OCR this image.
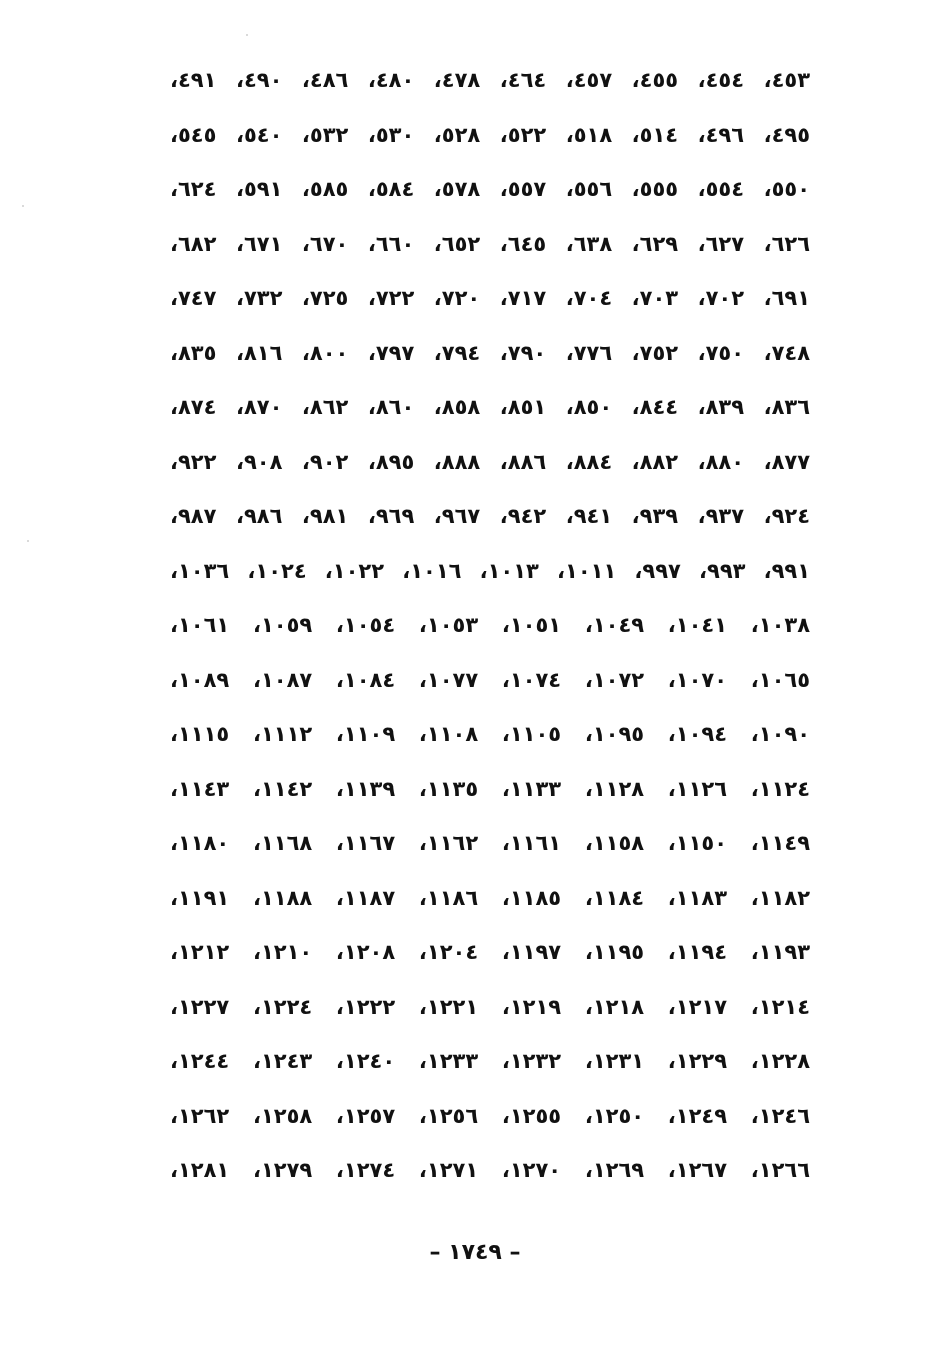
٤٥٣، ٤٥٤، ٤٥٥، ٤٥٧، ٤٦٤، ٤٧٨، ٤٨٠، ٤٨٦، ٤٩٠، ٤٩١،
٤٩٥، ٤٩٦، ٥١٤، ٥١٨، ٥٢٢، ٥٢٨، ٥٣٠، ٥٣٢، ٥٤٠، ٥٤٥،
٥٥٠، ٥٥٤، ٥٥٥، ٥٥٦، ٥٥٧، ٥٧٨، ٥٨٤، ٥٨٥، ٥٩١، ٦٢٤،
٦٢٦، ٦٢٧، ٦٢٩، ٦٣٨، ٦٤٥، ٦٥٢، ٦٦٠، ٦٧٠، ٦٧١، ٦٨٢،
٦٩١، ٧٠٢، ٧٠٣، ٧٠٤، ٧١٧، ٧٢٠، ٧٢٢، ٧٢٥، ٧٣٢، ٧٤٧،
٧٤٨، ٧٥٠، ٧٥٢، ٧٧٦، ٧٩٠، ٧٩٤، ٧٩٧، ٨٠٠، ٨١٦، ٨٣٥،
٨٣٦، ٨٣٩، ٨٤٤، ٨٥٠، ٨٥١، ٨٥٨، ٨٦٠، ٨٦٢، ٨٧٠، ٨٧٤،
٨٧٧، ٨٨٠، ٨٨٢، ٨٨٤، ٨٨٦، ٨٨٨، ٨٩٥، ٩٠٢، ٩٠٨، ٩٢٢،
٩٢٤، ٩٣٧، ٩٣٩، ٩٤١، ٩٤٢، ٩٦٧، ٩٦٩، ٩٨١، ٩٨٦، ٩٨٧،
٩٩١، ٩٩٣، ٩٩٧، ١٠١١، ١٠١٣، ١٠١٦، ١٠٢٢، ١٠٢٤، ١٠٣٦،
١٠٣٨، ١٠٤١، ١٠٤٩، ١٠٥١، ١٠٥٣، ١٠٥٤، ١٠٥٩، ١٠٦١،
١٠٦٥، ١٠٧٠، ١٠٧٢، ١٠٧٤، ١٠٧٧، ١٠٨٤، ١٠٨٧، ١٠٨٩،
١٠٩٠، ١٠٩٤، ١٠٩٥، ١١٠٥، ١١٠٨، ١١٠٩، ١١١٢، ١١١٥،
١١٢٤، ١١٢٦، ١١٢٨، ١١٣٣، ١١٣٥، ١١٣٩، ١١٤٢، ١١٤٣،
١١٤٩، ١١٥٠، ١١٥٨، ١١٦١، ١١٦٢، ١١٦٧، ١١٦٨، ١١٨٠،
١١٨٢، ١١٨٣، ١١٨٤، ١١٨٥، ١١٨٦، ١١٨٧، ١١٨٨، ١١٩١،
١١٩٣، ١١٩٤، ١١٩٥، ١١٩٧، ١٢٠٤، ١٢٠٨، ١٢١٠، ١٢١٢،
١٢١٤، ١٢١٧، ١٢١٨، ١٢١٩، ١٢٢١، ١٢٢٢، ١٢٢٤، ١٢٢٧،
١٢٢٨، ١٢٢٩، ١٢٣١، ١٢٣٢، ١٢٣٣، ١٢٤٠، ١٢٤٣، ١٢٤٤،
١٢٤٦، ١٢٤٩، ١٢٥٠، ١٢٥٥، ١٢٥٦، ١٢٥٧، ١٢٥٨، ١٢٦٢،
١٢٦٦، ١٢٦٧، ١٢٦٩، ١٢٧٠، ١٢٧١، ١٢٧٤، ١٢٧٩، ١٢٨١،
– ١٧٤٩ –
